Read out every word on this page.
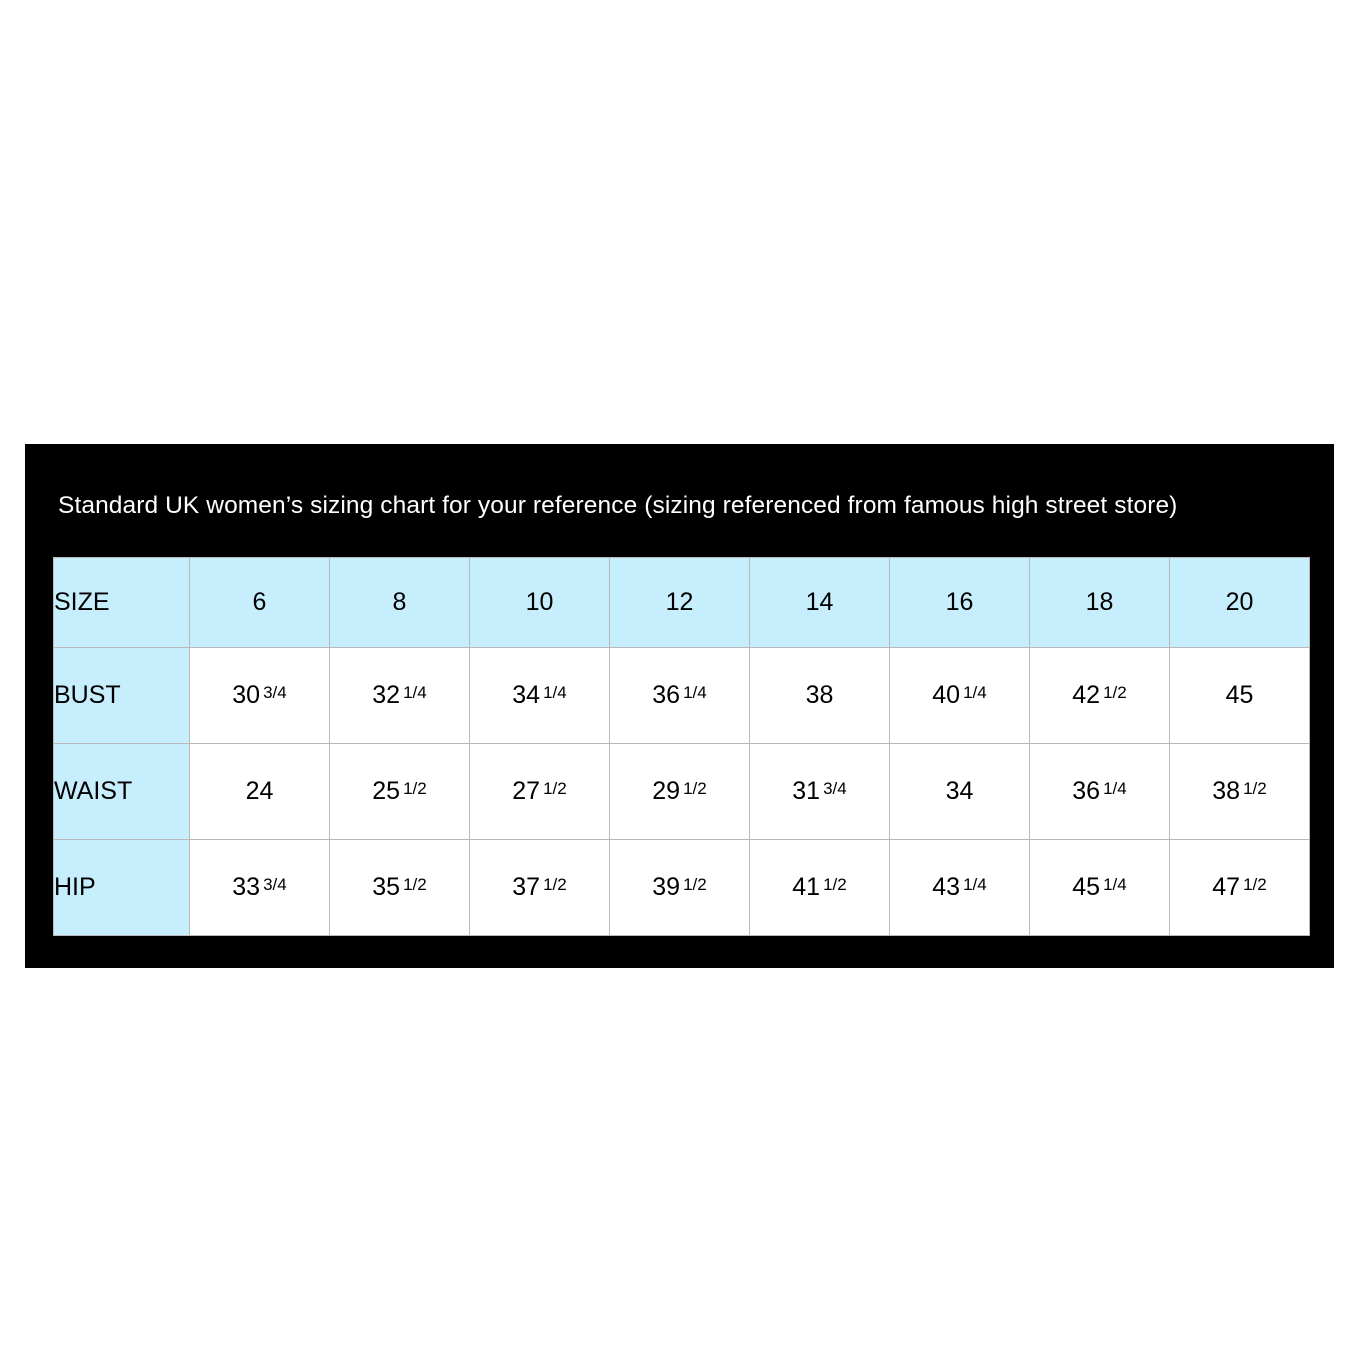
Standard UK women’s sizing chart for your reference (sizing referenced from famous high street store)
SIZE	6	8	10	12	14	16	18	20
BUST	30 3/4	32 1/4	34 1/4	36 1/4	38	40 1/4	42 1/2	45
WAIST	24	25 1/2	27 1/2	29 1/2	31 3/4	34	36 1/4	38 1/2
HIP	33 3/4	35 1/2	37 1/2	39 1/2	41 1/2	43 1/4	45 1/4	47 1/2
